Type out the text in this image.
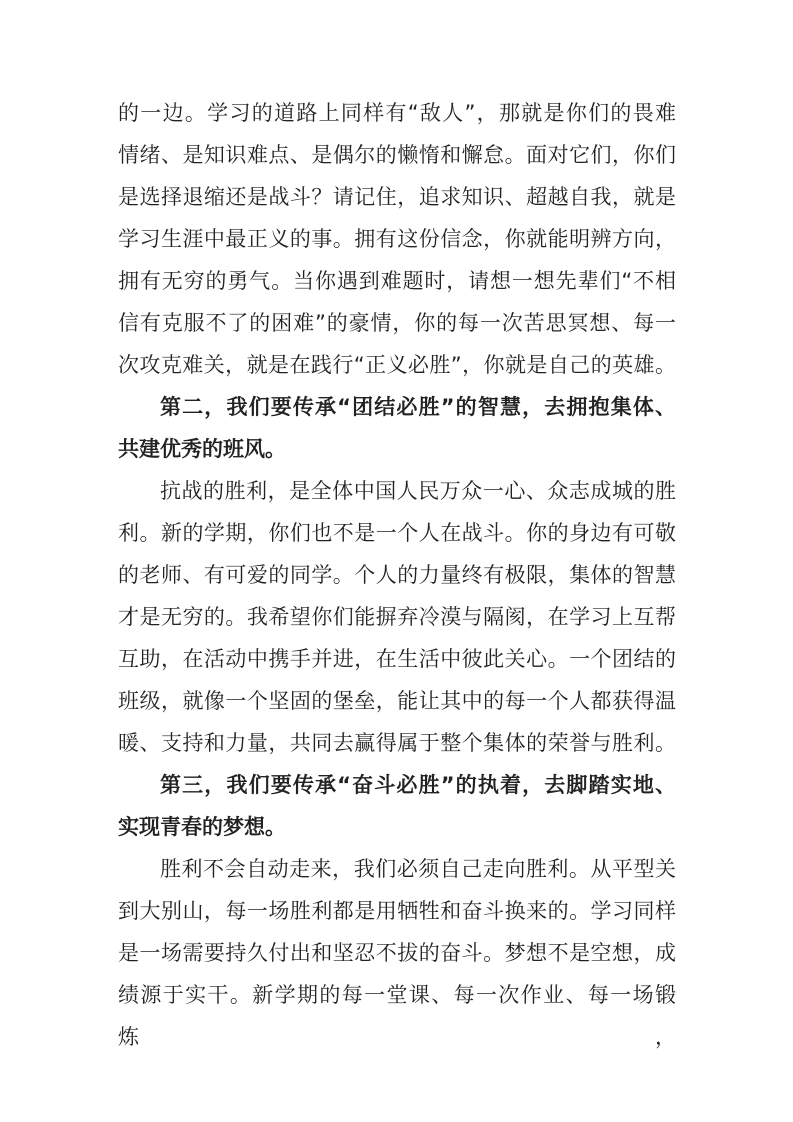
的一边。学习的道路上同样有“敌人”，那就是你们的畏难
情绪、是知识难点、是偶尔的懒惰和懈怠。面对它们，你们
是选择退缩还是战斗？请记住，追求知识、超越自我，就是
学习生涯中最正义的事。拥有这份信念，你就能明辨方向，
拥有无穷的勇气。当你遇到难题时，请想一想先辈们“不相
信有克服不了的困难”的豪情，你的每一次苦思冥想、每一
次攻克难关，就是在践行“正义必胜”，你就是自己的英雄。
第二，我们要传承“团结必胜”的智慧，去拥抱集体、
共建优秀的班风。
抗战的胜利，是全体中国人民万众一心、众志成城的胜
利。新的学期，你们也不是一个人在战斗。你的身边有可敬
的老师、有可爱的同学。个人的力量终有极限，集体的智慧
才是无穷的。我希望你们能摒弃冷漠与隔阂，在学习上互帮
互助，在活动中携手并进，在生活中彼此关心。一个团结的
班级，就像一个坚固的堡垒，能让其中的每一个人都获得温
暖、支持和力量，共同去赢得属于整个集体的荣誉与胜利。
第三，我们要传承“奋斗必胜”的执着，去脚踏实地、
实现青春的梦想。
胜利不会自动走来，我们必须自己走向胜利。从平型关
到大别山，每一场胜利都是用牺牲和奋斗换来的。学习同样
是一场需要持久付出和坚忍不拔的奋斗。梦想不是空想，成
绩源于实干。新学期的每一堂课、每一次作业、每一场锻炼，
